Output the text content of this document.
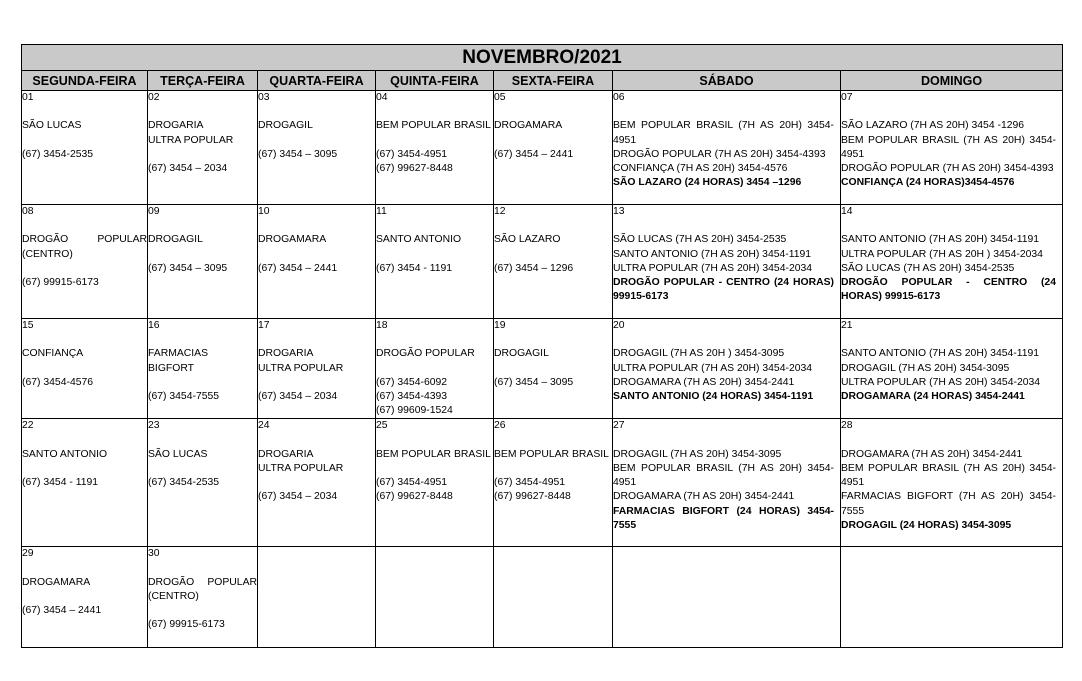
NOVEMBRO/2021						
SEGUNDA-FEIRA	TERÇA-FEIRA	QUARTA-FEIRA	QUINTA-FEIRA	SEXTA-FEIRA	SÁBADO	DOMINGO

01
SÃO LUCAS
(67) 3454-2535	02
DROGARIA
ULTRA POPULAR
(67) 3454 – 2034	03
DROGAGIL
(67) 3454 – 3095	04
BEM POPULAR BRASIL
(67) 3454-4951
(67) 99627-8448	05
DROGAMARA
(67) 3454 – 2441	06
BEM POPULAR BRASIL (7H AS 20H) 3454-4951
DROGÃO POPULAR (7H AS 20H) 3454-4393
CONFIANÇA (7H AS 20H) 3454-4576
SÃO LAZARO (24 HORAS) 3454 –1296	07
SÃO LAZARO (7H AS 20H) 3454 -1296
BEM POPULAR BRASIL (7H AS 20H) 3454-4951
DROGÃO POPULAR (7H AS 20H) 3454-4393
CONFIANÇA (24 HORAS)3454-4576

08
DROGÃO POPULAR (CENTRO)
(67) 99915-6173	09
DROGAGIL
(67) 3454 – 3095	10
DROGAMARA
(67) 3454 – 2441	11
SANTO ANTONIO
(67) 3454 - 1191	12
SÃO LAZARO
(67) 3454 – 1296	13
SÃO LUCAS (7H AS 20H) 3454-2535
SANTO ANTONIO (7H AS 20H) 3454-1191
ULTRA POPULAR (7H AS 20H) 3454-2034
DROGÃO POPULAR - CENTRO (24 HORAS) 99915-6173	14
SANTO ANTONIO (7H AS 20H) 3454-1191
ULTRA POPULAR (7H AS 20H ) 3454-2034
SÃO LUCAS (7H AS 20H) 3454-2535
DROGÃO POPULAR - CENTRO (24 HORAS) 99915-6173

15
CONFIANÇA
(67) 3454-4576	16
FARMACIAS
BIGFORT
(67) 3454-7555	17
DROGARIA
ULTRA POPULAR
(67) 3454 – 2034	18
DROGÃO POPULAR
(67) 3454-6092
(67) 3454-4393
(67) 99609-1524	19
DROGAGIL
(67) 3454 – 3095	20
DROGAGIL (7H AS 20H ) 3454-3095
ULTRA POPULAR (7H AS 20H) 3454-2034
DROGAMARA (7H AS 20H) 3454-2441
SANTO ANTONIO (24 HORAS) 3454-1191	21
SANTO ANTONIO (7H AS 20H) 3454-1191
DROGAGIL (7H AS 20H) 3454-3095
ULTRA POPULAR (7H AS 20H) 3454-2034
DROGAMARA (24 HORAS) 3454-2441

22
SANTO ANTONIO
(67) 3454 - 1191	23
SÃO LUCAS
(67) 3454-2535	24
DROGARIA
ULTRA POPULAR
(67) 3454 – 2034	25
BEM POPULAR BRASIL
(67) 3454-4951
(67) 99627-8448	26
BEM POPULAR BRASIL
(67) 3454-4951
(67) 99627-8448	27
DROGAGIL (7H AS 20H) 3454-3095
BEM POPULAR BRASIL (7H AS 20H) 3454-4951
DROGAMARA (7H AS 20H) 3454-2441
FARMACIAS BIGFORT (24 HORAS) 3454-7555	28
DROGAMARA (7H AS 20H) 3454-2441
BEM POPULAR BRASIL (7H AS 20H) 3454-4951
FARMACIAS BIGFORT (7H AS 20H) 3454-7555
DROGAGIL (24 HORAS) 3454-3095

29
DROGAMARA
(67) 3454 – 2441	30
DROGÃO POPULAR (CENTRO)
(67) 99915-6173					
